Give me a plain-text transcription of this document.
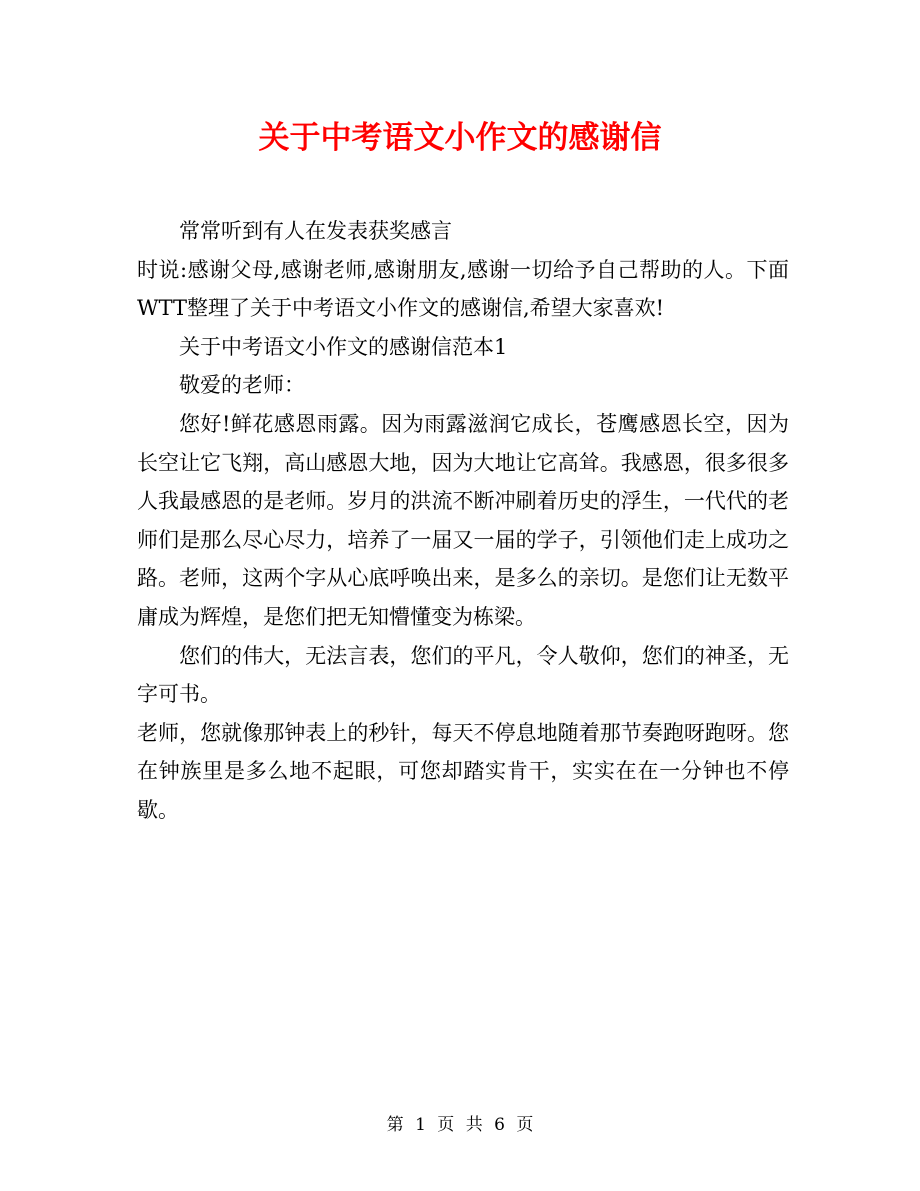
关于中考语文小作文的感谢信

常常听到有人在发表获奖感言

时说:感谢父母,感谢老师,感谢朋友,感谢一切给予自己帮助的人。下面WTT整理了关于中考语文小作文的感谢信,希望大家喜欢!

关于中考语文小作文的感谢信范本1

敬爱的老师：

您好!鲜花感恩雨露。因为雨露滋润它成长，苍鹰感恩长空，因为长空让它飞翔，高山感恩大地，因为大地让它高耸。我感恩，很多很多人我最感恩的是老师。岁月的洪流不断冲刷着历史的浮生，一代代的老师们是那么尽心尽力，培养了一届又一届的学子，引领他们走上成功之路。老师，这两个字从心底呼唤出来，是多么的亲切。是您们让无数平庸成为辉煌，是您们把无知懵懂变为栋梁。

您们的伟大，无法言表，您们的平凡，令人敬仰，您们的神圣，无字可书。

老师，您就像那钟表上的秒针，每天不停息地随着那节奏跑呀跑呀。您在钟族里是多么地不起眼，可您却踏实肯干，实实在在一分钟也不停歇。

第 1 页 共 6 页
